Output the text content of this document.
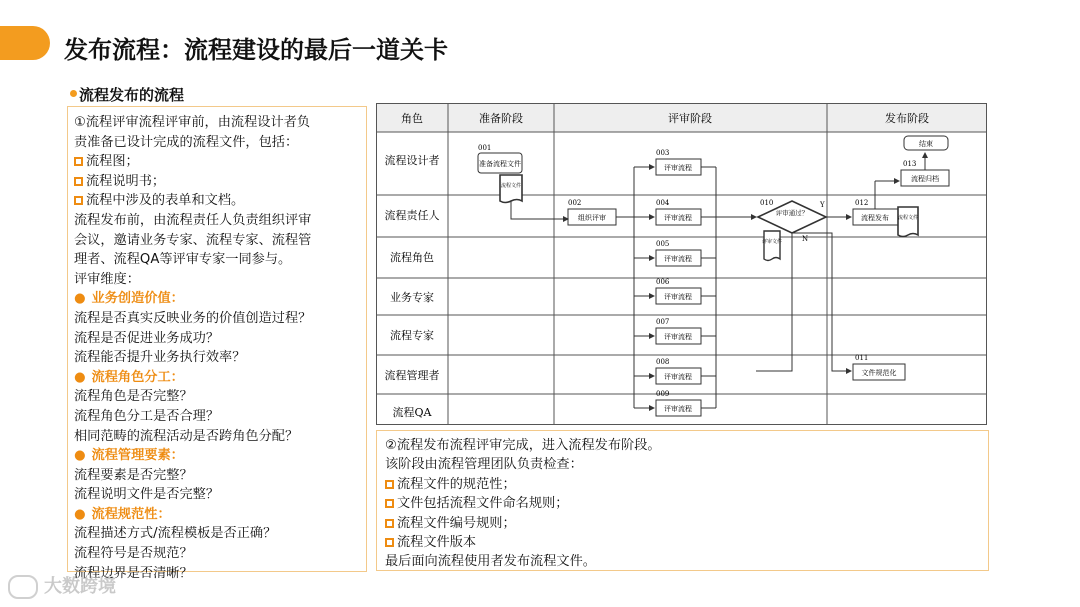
发布流程：流程建设的最后一道关卡
流程发布的流程
①流程评审流程评审前，由流程设计者负
责准备已设计完成的流程文件，包括：
流程图；
流程说明书；
流程中涉及的表单和文档。
流程发布前，由流程责任人负责组织评审
会议，邀请业务专家、流程专家、流程管
理者、流程QA等评审专家一同参与。
评审维度：
● 业务创造价值：
流程是否真实反映业务的价值创造过程？
流程是否促进业务成功？
流程能否提升业务执行效率？
● 流程角色分工：
流程角色是否完整？
流程角色分工是否合理？
相同范畴的流程活动是否跨角色分配？
● 流程管理要素：
流程要素是否完整？
流程说明文件是否完整？
● 流程规范性：
流程描述方式/流程模板是否正确？
流程符号是否规范？
流程边界是否清晰？
角色	准备阶段	评审阶段	发布阶段
流程设计者
流程责任人
流程角色
业务专家
流程专家
流程管理者
流程QA
001
准备流程文件
流程文件
002
组织评审
003
评审流程
004
评审流程
005
评审流程
006
评审流程
007
评审流程
008
评审流程
009
评审流程
010
评审通过？
评审文件
Y
N
011
文件规范化
012
流程发布 流程文件
013
流程归档
结束
②流程发布流程评审完成，进入流程发布阶段。
该阶段由流程管理团队负责检查：
流程文件的规范性；
文件包括流程文件命名规则；
流程文件编号规则；
流程文件版本
最后面向流程使用者发布流程文件。
大数跨境
